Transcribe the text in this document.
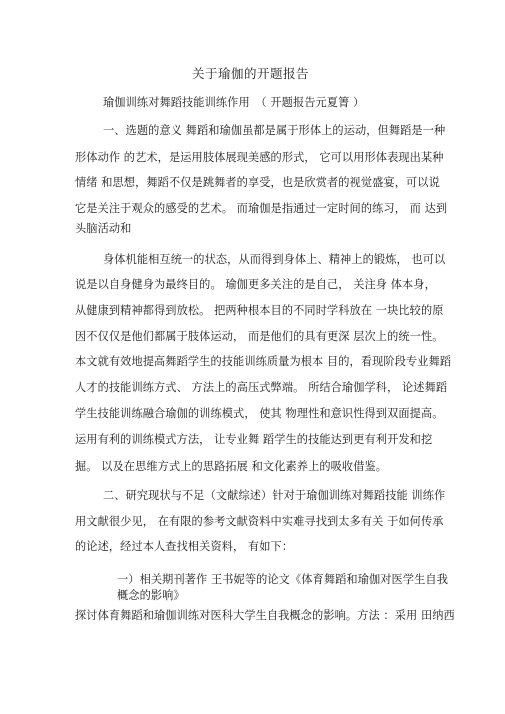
关于瑜伽的开题报告
瑜伽训练对舞蹈技能训练作用　（ 开题报告元夏箐 ）
一、选题的意义 舞蹈和瑜伽虽都是属于形体上的运动，但舞蹈是一种
形体动作 的艺术，是运用肢体展现美感的形式， 它可以用形体表现出某种
情绪 和思想，舞蹈不仅是跳舞者的享受，也是欣赏者的视觉盛宴，可以说
它是关注于观众的感受的艺术。 而瑜伽是指通过一定时间的练习， 而 达到
头脑活动和
身体机能相互统一的状态，从而得到身体上、精神上的锻炼， 也可以
说是以自身健身为最终目的。 瑜伽更多关注的是自己， 关注身 体本身，
从健康到精神都得到放松。 把两种根本目的不同时学科放在 一块比较的原
因不仅仅是他们都属于肢体运动， 而是他们的具有更深 层次上的统一性。
本文就有效地提高舞蹈学生的技能训练质量为根本 目的，看现阶段专业舞蹈
人才的技能训练方式、 方法上的高压式弊端。 所结合瑜伽学科， 论述舞蹈
学生技能训练融合瑜伽的训练模式， 使其 物理性和意识性得到双面提高。
运用有利的训练模式方法， 让专业舞 蹈学生的技能达到更有利开发和挖
掘。 以及在思维方式上的思路拓展 和文化素养上的吸收借鉴。
二、研究现状与不足（文献综述）针对于瑜伽训练对舞蹈技能 训练作
用文献很少见， 在有限的参考文献资料中实难寻找到太多有关 于如何传承
的论述，经过本人查找相关资料， 有如下：
一）相关期刊著作 王书妮等的论文《体育舞蹈和瑜伽对医学生自我
概念的影响》
探讨体育舞蹈和瑜伽训练对医科大学生自我概念的影响。方法 ：采用 田纳西
